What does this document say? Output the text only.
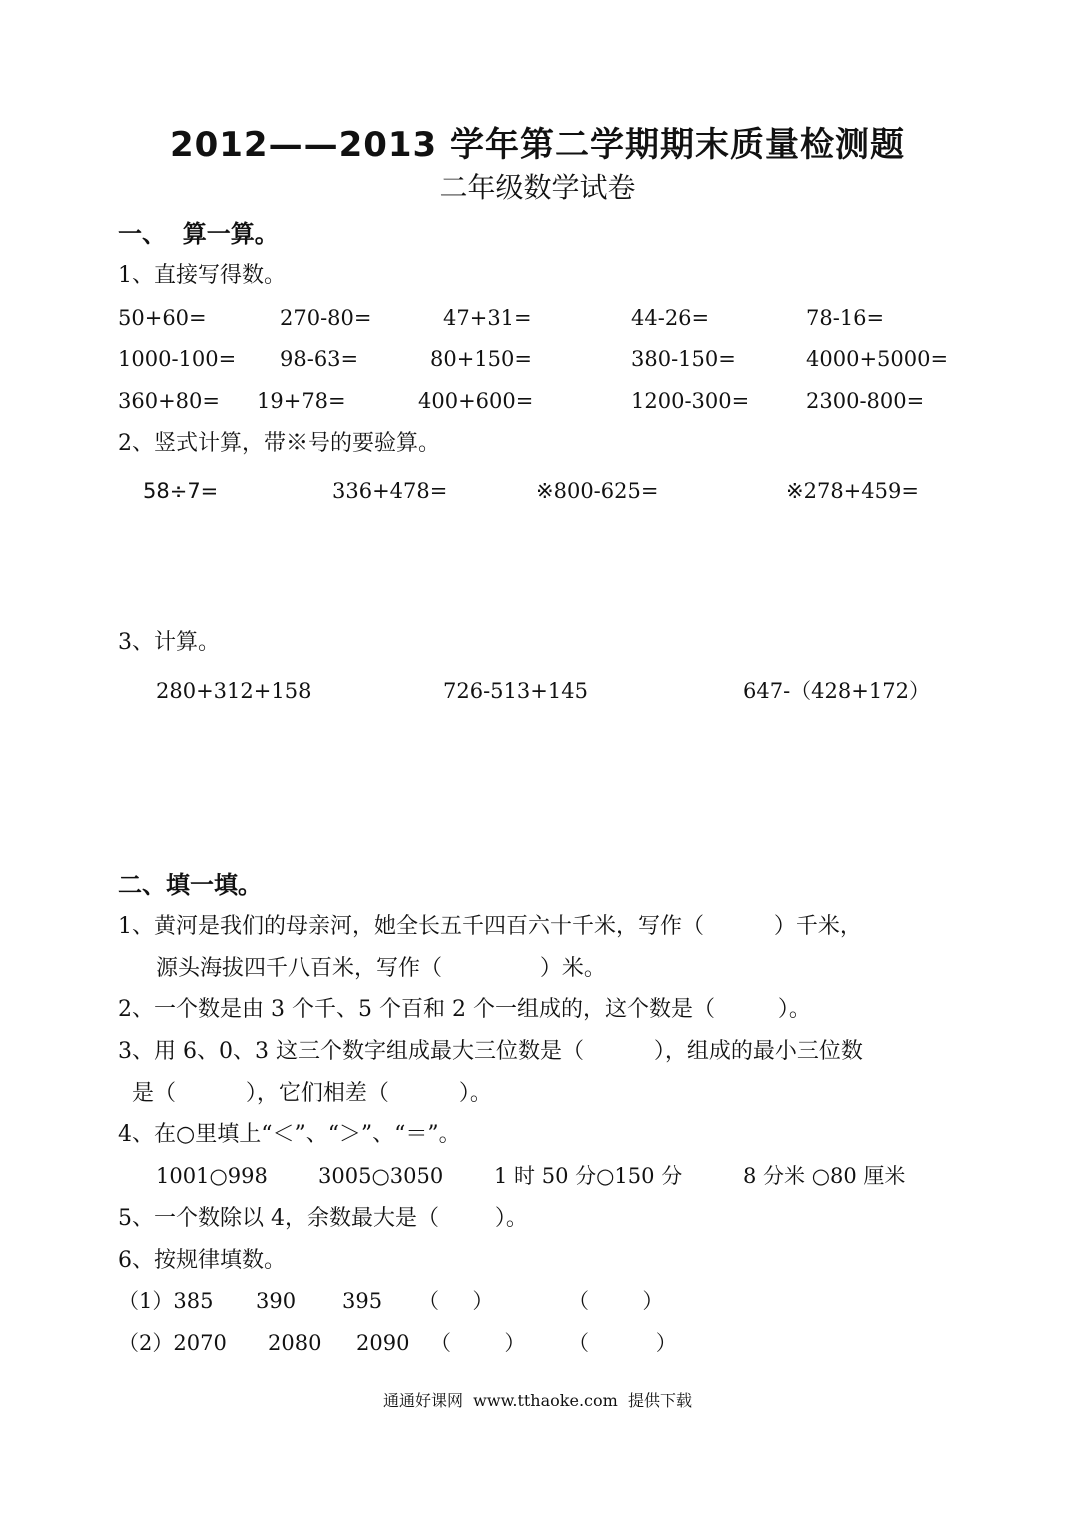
2012——2013 学年第二学期期末质量检测题
二年级数学试卷
一、  算一算。
1、直接写得数。
50+60=	270-80=	47+31=	44-26=	78-16=
1000-100= 98-63=	80+150=	380-150=	4000+5000=
360+80= 19+78=	400+600=	1200-300=	2300-800=
2、竖式计算，带※号的要验算。
58÷7=	336+478=	※800-625=	※278+459=
3、计算。
280+312+158	726-513+145	647-（428+172）
二、填一填。
1、黄河是我们的母亲河，她全长五千四百六十千米，写作（          ）千米，
源头海拔四千八百米，写作（              ）米。
2、一个数是由 3 个千、5 个百和 2 个一组成的，这个数是（         ）。
3、用 6、0、3 这三个数字组成最大三位数是（          ），组成的最小三位数
是（          ），它们相差（          ）。
4、在○里填上“＜”、“＞”、“＝”。
1001○998 3005○3050 1 时 50 分○150 分	8 分米 ○80 厘米
5、一个数除以 4，余数最大是（        ）。
6、按规律填数。
（1）385 390 395 （     ）	（        ）
（2）2070 2080 2090 （        ） （          ）
通通好课网  www.tthaoke.com  提供下载
